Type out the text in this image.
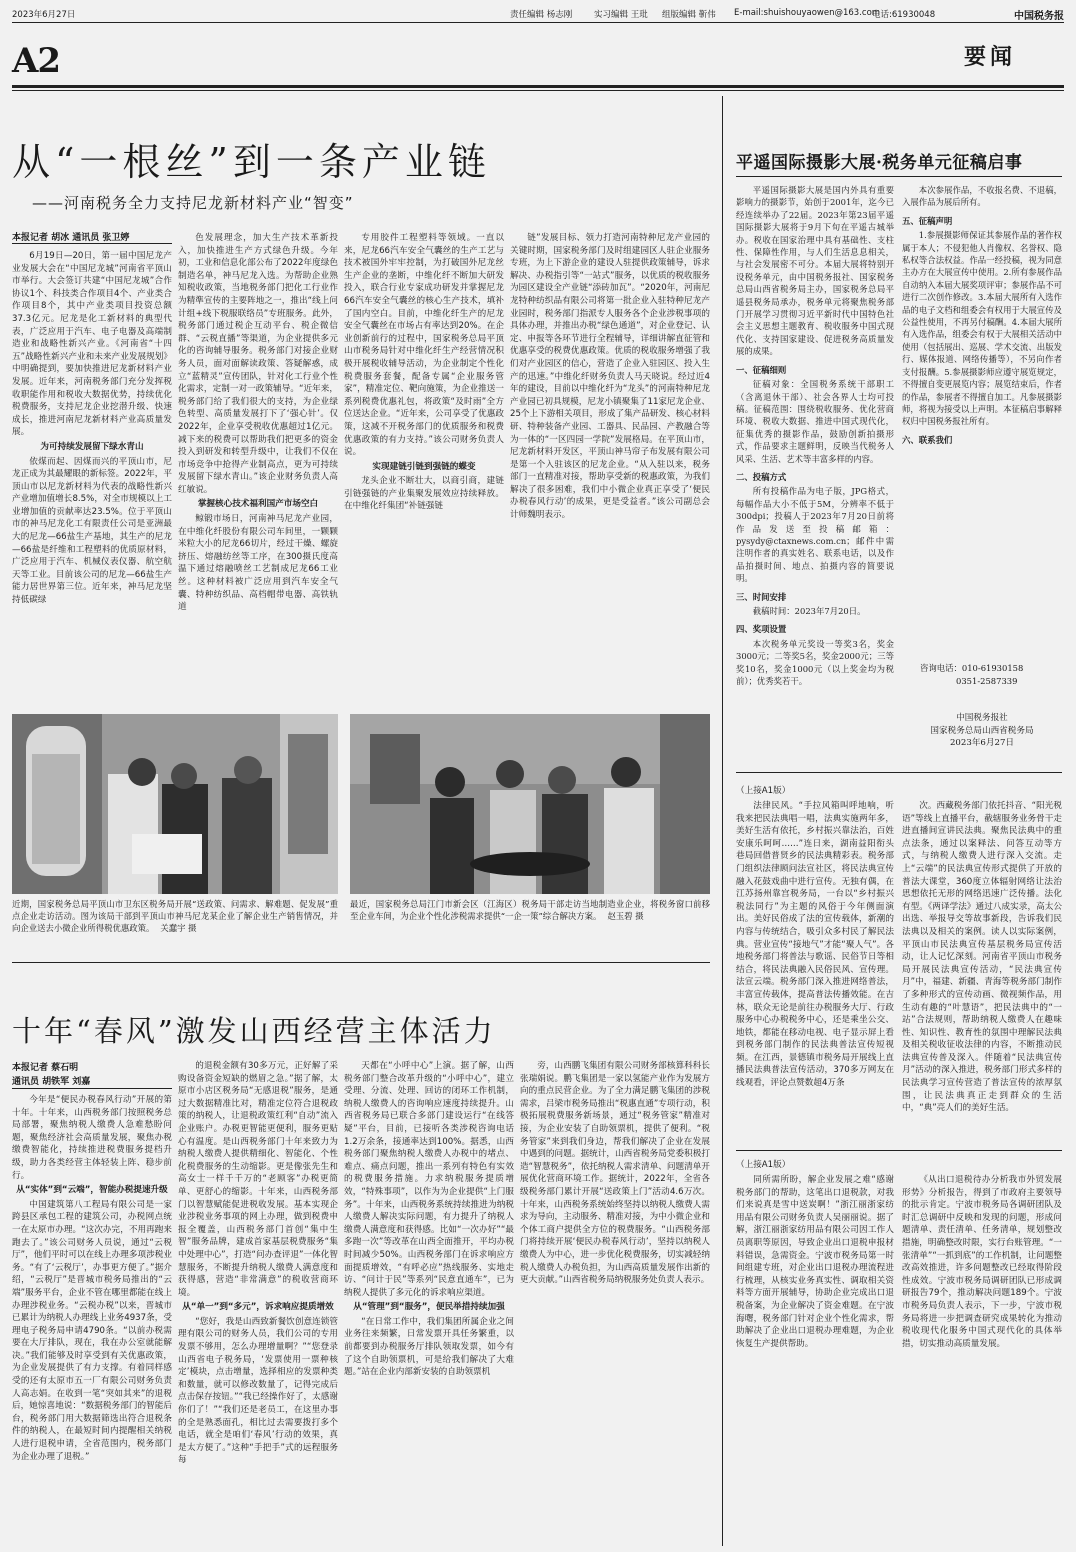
2023年6月27日	责任编辑 杨志刚	实习编辑 王玭 组版编辑 靳伟 E-mail:shuishouyaowen@163.com
电话:61930048	中国税务报
A2	要闻
从“一根丝”到一条产业链
——河南税务全力支持尼龙新材料产业“智变”
本报记者 胡冰 通讯员 张卫婷

6月19日—20日，第一届中国尼龙产业发展大会在“中国尼龙城”河南省平顶山市举行。大会签订共建“中国尼龙城”合作协议1个、科技类合作项目4个、产业类合作项目8个，其中产业类项目投资总额37.3亿元。尼龙是化工新材料的典型代表，广泛应用于汽车、电子电器及高端制造业和战略性新兴产业。《河南省“十四五”战略性新兴产业和未来产业发展规划》中明确提到，要加快推进尼龙新材料产业发展。近年来，河南税务部门充分发挥税收职能作用和税收大数据优势，持续优化税费服务，支持尼龙企业挖潜升级、快速成长，推进河南尼龙新材料产业高质量发展。

为可持续发展留下绿水青山

依煤而起、因煤而兴的平顶山市，尼龙正成为其最耀眼的新标签。2022年，平顶山市以尼龙新材料为代表的战略性新兴产业增加值增长8.5%，对全市规模以上工业增加值的贡献率达23.5%。位于平顶山市的神马尼龙化工有限责任公司是亚洲最大的尼龙—66盐生产基地，其生产的尼龙—66盐是纤维和工程塑料的优质原材料，广泛应用于汽车、机械仪表仪器、航空航天等工业。目前该公司的尼龙—66盐生产能力居世界第三位。近年来，神马尼龙坚持低碳绿

色发展理念，加大生产技术革新投入，加快推进生产方式绿色升级。今年初，工业和信息化部公布了2022年度绿色制造名单，神马尼龙入选。为帮助企业熟知税收政策，当地税务部门把化工行业作为精準宣传的主要阵地之一，推出“线上问计组+线下税服联络员”专班服务。此外，税务部门通过税企互动平台、税企微信群、“云税直播”等渠道，为企业提供多元化的咨询辅导服务。税务部门对接企业财务人员，面对面解读政策、答疑解惑，成立“蓝精灵”宣传团队，针对化工行业个性化需求，定制一对一政策辅导。“近年来，税务部门给了我们很大的支持，为企业绿色转型、高质量发展打下了‘强心针’。仅2022年，企业享受税收优惠超过1亿元。减下来的税费可以帮助我们把更多的资金投入到研发和转型升级中，让我们不仅在市场竞争中抢得产业制高点，更为可持续发展留下绿水青山。”该企业财务负责人高红敏说。

掌握核心技术福利国产市场空白

鲸锻市场日，河南神马尼龙产业园，在中维化纤股份有限公司车间里，一颗颗米粒大小的尼龙66切片，经过干燥、螺旋挤压、熔融纺丝等工序，在300摄氏度高温下通过熔融喷丝工艺制成尼龙66工业丝。这种材料被广泛应用到汽车安全气囊、特种纺织品、高档帽带电器、高铁轨道

专用胶件工程塑料等领域。一直以来，尼龙66汽车安全气囊丝的生产工艺与技术被国外牢牢控制，为打破国外尼龙丝生产企业的垄断，中维化纤不断加大研发投入，联合行业专家成功研发并掌握尼龙66汽车安全气囊丝的核心生产技术，填补了国内空白。目前，中维化纤生产的尼龙安全气囊丝在市场占有率达到20%。在企业创新前行的过程中，国家税务总局平顶山市税务局针对中维化纤生产经营情况积极开展税收辅导活动，为企业制定个性化税费服务套餐，配备专属“企业服务管家”，精准定位、靶向施策，为企业推送一系列税费优惠礼包，将政策“及时雨”全方位送达企业。“近年来，公司享受了优惠政策，这减不开税务部门的优质服务和税费优惠政策的有力支持。”该公司财务负责人说。

实现建链引链到强链的蝶变

龙头企业不断壮大，以商引商，建链引链强链的产业集聚发展效应持续释放。在中维化纤集团“补链强链

链”发展目标、领力打造河南特种尼龙产业园的关键时期，国家税务部门及时组建园区人驻企业服务专班，为上下游企业的建设人驻提供政策辅导，诉求解决、办税指引等“一站式”服务，以优质的税收服务为园区建设全产业链“添砖加瓦”。“2020年，河南尼龙特种纺织品有限公司将第一批企业入驻特种尼龙产业园时，税务部门指派专人服务各个企业涉税事项的具体办理，并推出办税“绿色通道”，对企业登记、认定、申报等各环节进行全程辅导，详细讲解直征管和优惠享受的税费优惠政策。优质的税收服务增强了我们对产业园区的信心，营造了企业入驻园区、投入生产的迅速。”中维化纤财务负责人马天晓说。经过近4年的建设，目前以中维化纤为“龙头”的河南特种尼龙产业园已初具规模，尼龙小镇聚集了11家尼龙企业、25个上下游相关项目，形成了集产品研发、核心材料研、特种装备产业园、工器具、民品园、产教融合等为一体的“一区四园一学院”发展格局。在平顶山市，尼龙新材料开发区，平顶山神马帘子布发展有限公司是第一个入驻该区的尼龙企业。“从入驻以来，税务部门一直精准对接，帮助享受新的税惠政策，为我们解决了很多困难，我们中小微企业真正享受了‘便民办税春风行动’的成果，更是受益者。”该公司副总会计师魏明表示。

平遥国际摄影大展·税务单元征稿启事

平遥国际摄影大展是国内外具有重要影响力的摄影节，始创于2001年，迄今已经连续举办了22届。2023年第23届平遥国际摄影大展将于9月下旬在平遥古城举办。税收在国家治理中具有基础性、支柱性、保障性作用，与人们生活息息相关，与社会发展密不可分。本届大展将特别开设税务单元，由中国税务报社、国家税务总局山西省税务局主办，国家税务总局平遥县税务局承办，税务单元将聚焦税务部门开展学习贯彻习近平新时代中国特色社会主义思想主题教育、税收服务中国式现代化、支持国家建设、促进税务高质量发展的成果。

一、征稿细则

征稿对象：全国税务系统干部职工（含离退休干部）、社会各界人士均可投稿。征稿范围：围绕税收服务、优化营商环境、税收大数据、推进中国式现代化，征集优秀的摄影作品，鼓励创新拍摄形式，作品要求主题鲜明，反映当代税务人风采、生活、艺术等丰富多样的内容。

二、投稿方式

所有投稿作品为电子版，JPG格式，每幅作品大小不低于5M，分辨率不低于300dpi；投稿人于2023年7月20日前将作品发送至投稿邮箱：pysydy@ctaxnews.com.cn；邮件中需注明作者的真实姓名、联系电话，以及作品拍摄时间、地点、拍摄内容的简要说明。

三、时间安排

截稿时间：2023年7月20日。

四、奖项设置

本次税务单元奖设一等奖3名，奖金3000元；二等奖5名，奖金2000元；三等奖10名，奖金1000元（以上奖金均为税前）；优秀奖若干。

本次参展作品，不收报名费、不退稿，入展作品为展后所有。

五、征稿声明

1.参展摄影师保证其参展作品的著作权属于本人；不侵犯他人肖像权、名誉权、隐私权等合法权益。作品一经投稿，视为同意主办方在大展宣传中使用。2.所有参展作品自动纳入本届大展奖项评审；参展作品不可进行二次创作修改。3.本届大展所有入选作品的电子文档和组委会有权用于大展宣传及公益性使用，不再另付稿酬。4.本届大展所有入选作品，组委会有权于大展相关活动中使用（包括展出、巡展、学术交流、出版发行、媒体报道、网络传播等），不另向作者支付报酬。5.参展摄影师应遵守展览规定，不得擅自变更展览内容；展览结束后，作者的作品，参展者不得擅自加工。凡参展摄影师，将视为接受以上声明。本征稿启事解释权归中国税务报社所有。

六、联系我们

咨询电话：010-61930158
0351-2587339
中国税务报社
国家税务总局山西省税务局
2023年6月27日
近期，国家税务总局平顶山市卫东区税务局开展“送政策、问需求、解难题、促发展”重点企业走访活动。图为该局干部到平顶山市神马尼龙某企业了解企业生产销售情况，并向企业送去小微企业所得税优惠政策。 关蠢宇 摄
最近，国家税务总局江门市新会区（江海区）税务局干部走访当地制造业企业，将税务窗口前移至企业车间，为企业个性化涉税需求提供“一企一策”综合解决方案。 赵玉碧 摄
（上接A1版）

法律民风。“手拉风箱叫呼地响，听我来把民法典唱一唱，法典实施两年多，美好生活有依托，乡村振兴靠法治，百姓安康乐呵呵……”连日来，湖南益阳衔头巷局回借普贤乡的民法典精彩表。税务部门组织法律顾问法宣社区，将民法典宣传融入花鼓戏曲中进行宣传。无独有偶，在江苏扬州靠宫税务局，一台以“乡村振兴 税法同行”为主题的风俗于今年侧面演出。美好民俗成了法的宣传载体，新潮的内容与传统结合，吸引众多村民了解民法典。营业宣传“接地气”才能“聚人气”。各地税务部门将普法与歌谣、民俗节日等相结合，将民法典融入民俗民风、宣传理。法宣云端。税务部门深入推进网络普法，丰富宣传载体，提高普法传播效能。在吉林，联众无论是前往办税服务大厅、行政服务中心办税税务中心，还是乘坐公交、地铁，都能在移动电视、电子显示屏上看到税务部门制作的民法典普法宣传短视频。在江西，景德镇市税务局开展线上直播民法典普法宣传活动，370多万网友在线观看，评论点赞数超4万条

次。西藏税务部门依托抖音、“阳光税语”等线上直播平台，截辖服务业务骨干走进直播间宣讲民法典。聚焦民法典中的重点法条，通过以案释法、问答互动等方式，与纳税人缴费人进行深入交流。走上“云端”的民法典宣传形式提供了开放的普法大课堂，360度立体辐射网络让法治思想依托无形的网络迅速广泛传播。法化有型。《两译学法》通过八成实录，高太公出选、举报导交等故事新段，告诉我们民法典以及相关的案例。读人以实际案例，平顶山市民法典宣传基层税务局宣传活动，让人记忆深刻。河南省平顶山市税务局开展民法典宣传活动，“民法典宣传月”中，福建、新疆、青海等税务部门制作了多种形式的宣传动画、微视频作品，用生动有趣的“叶慧语”，把民法典中的“一站”合法规则，帮助纳税人缴费人在趣味性、知识性、教育性的氛围中理解民法典及相关税收征收法律的内容，不断推动民法典宣传普及深入。伴随着“民法典宣传月”活动的深入推进，税务部门形式多样的民法典学习宣传营造了普法宣传的浓厚氛围，让民法典真正走到群众的生活中，“典”亮人们的美好生活。

（上接A1版）

同所需所盼，解企业发展之难“感谢税务部门的帮助，这笔出口退税款，对我们来说真是雪中送炭啊！”浙江丽浙家纺用品有限公司财务负责人吴丽丽说。据了解，浙江丽浙家纺用品有限公司因工作人员离职等原因，导致企业出口退税申报材料错误，急需资金。宁波市税务局第一时间组建专班，对企业出口退税办理流程进行梳理，从核实业务真实性、调取相关资料等方面开展辅导，协助企业完成出口退税备案，为企业解决了资金难题。在宁波海曙，税务部门针对企业个性化需求，帮助解决了企业出口退税办理难题，为企业恢复生产提供帮助。

《从出口退税待办分析我市外贸发展形势》分析报告，得到了市政府主要领导的批示肯定。宁波市税务局各调研团队及时汇总调研中反映和发现的问题，形成问题清单、责任清单、任务清单，规划整改措施，明确整改时限，实行台账管理。“一张清单”“一抓到底”的工作机制，让问题整改高效推进，许多问题整改已经取得阶段性成效。宁波市税务局调研团队已形成调研报告79个，推动解决问题189个。宁波市税务局负责人表示，下一步，宁波市税务局将进一步把调查研究成果转化为推动税收现代化服务中国式现代化的具体举措，切实推动高质量发展。

十年“春风”激发山西经营主体活力
本报记者 蔡石明
通讯员 胡铁军 刘嘉

今年是“便民办税春风行动”开展的第十年。十年来，山西税务部门按照税务总局部署，聚焦纳税人缴费人急难愁盼问题，聚焦经济社会高质量发展，聚焦办税缴费智能化，持续推进税费服务提档升级，助力各类经营主体轻装上阵、稳步前行。

从“实体”到“云端”，智能办税提速升级

中国建筑第八工程局有限公司是一家跨县区承包工程的建筑公司，办税网点统一在太原市办理。“这次办完，不用再跑来跑去了。”该公司财务人员说，通过“云税厅”，他们平时可以在线上办理多项涉税业务。“有了‘云税厅’，办事更方便了。”据介绍，“云税厅”是晋城市税务局推出的“云端”服务平台，企业不管在哪里都能在线上办理涉税业务。“云税办税”以来，晋城市已累计为纳税人办理线上业务4937条，受理电子税务局申请4790条。“以前办税需要在大厅排队，现在，我在办公室就能解决。”我们能够及时享受到有关优惠政策，为企业发展提供了有力支撑。有着同样感受的还有太原市五一厂有限公司财务负责人高志娟。在收到一笔“突如其来”的退税后，她惊喜地说：“数据税务部门的智能后台，税务部门用大数据筛选出符合退税条件的纳税人，在最短时间内提醒相关纳税人进行退税申请，全省范围内，税务部门为企业办理了退税。”

的退税金额有30多万元，正好解了采购设备资金短缺的燃眉之急。”据了解，太原市小店区税务局“无感退税”服务，是通过大数据精准比对，精准定位符合退税政策的纳税人，让退税政策红利“自动”流入企业账户。办税更智能更便利，服务更贴心有温度。是山西税务部门十年来致力为纳税人缴费人提供精细化、智能化、个性化税费服务的生动缩影。更是像张先生和高女士一样千千万的“老顾客”办税更简单、更舒心的缩影。十年来，山西税务部门以智慧赋能促进税收发展。基本实现企业涉税业务事项的网上办理，做到税费申报全覆盖，山西税务部门首创“集中生智”服务品牌，建成首家基层税费服务“集中处理中心”，打造“问办查评退”一体化智慧服务，不断提升纳税人缴费人满意度和获得感，营造“非常满意”的税收营商环境。

从“单一”到“多元”，诉求响应提质增效

“您好，我是山西致新餐饮创意连锁管理有限公司的财务人员，我们公司的专用发票不够用，怎么办理增量啊？”“您登录山西省电子税务局，‘发票使用一票种核定’模块，点击增量，选择相应的发票种类和数量，就可以修改数量了，记得完成后点击保存按钮。”“我已经操作好了，太感谢你们了！”“我们还是老员工，在这里办事的全是熟悉面孔，相比过去需要拨打多个电话，就全是咱们‘春风’行动的效果，真是太方便了。”这种“手把手”式的远程服务每

天都在“小呼中心”上演。据了解，山西税务部门整合改革升级的“小呼中心”，建立受理、分流、处理、回访的闭环工作机制，纳税人缴费人的咨询响应速度持续提升。山西省税务局已联合多部门建设运行“在线答疑”平台，目前，已接听各类涉税咨询电话1.2万余条，接通率达到100%。据悉，山西税务部门聚焦纳税人缴费人办税中的堵点、难点、痛点问题，推出一系列有特色有实效的税费服务措施。力求纳税服务提质增效，“特殊事项”，以作为为企业提供“上门服务”。十年来，山西税务系统持续推进为纳税人缴费人解决实际问题，有力提升了纳税人缴费人满意度和获得感。比如“一次办好”“最多跑一次”等改革在山西全面推开，平均办税时间减少50%。山西税务部门在诉求响应方面提质增效，“有呼必应”热线服务、实地走访、“问计于民”等系列“民意直通车”，已为纳税人提供了多元化的诉求响应渠道。

从“管理”到“服务”，便民举措持续加强

“在日常工作中，我们集团所属企业之间业务往来频繁，日常发票开具任务繁重，以前都要到办税服务厅排队领取发票，如今有了这个自助领票机，可是给我们解决了大难题。”站在企业内部新安装的自助领票机

旁，山西鹏飞集团有限公司财务部核算科科长张瑞娟说。鹏飞集团是一家以氢能产业作为发展方向的重点民营企业。为了全力满足鹏飞集团的涉税需求，吕梁市税务局推出“税惠直通”专项行动，积极拓展税费服务新场景，通过“税务管家”精准对接，为企业安装了自助领票机，提供了便利。“税务管家”来到我们身边，帮我们解决了企业在发展中遇到的问题。据统计，山西省税务局党委积极打造“智慧税务”，依托纳税人需求清单、问题清单开展优化营商环境工作。据统计，2022年，全省各级税务部门累计开展“送政策上门”活动4.6万次。十年来，山西税务系统始终坚持以纳税人缴费人需求为导向，主动服务、精准对接，为中小微企业和个体工商户提供全方位的税费服务。“山西税务部门将持续开展‘便民办税春风行动’，坚持以纳税人缴费人为中心，进一步优化税费服务，切实减轻纳税人缴费人办税负担，为山西高质量发展作出新的更大贡献。”山西省税务局纳税服务处负责人表示。
